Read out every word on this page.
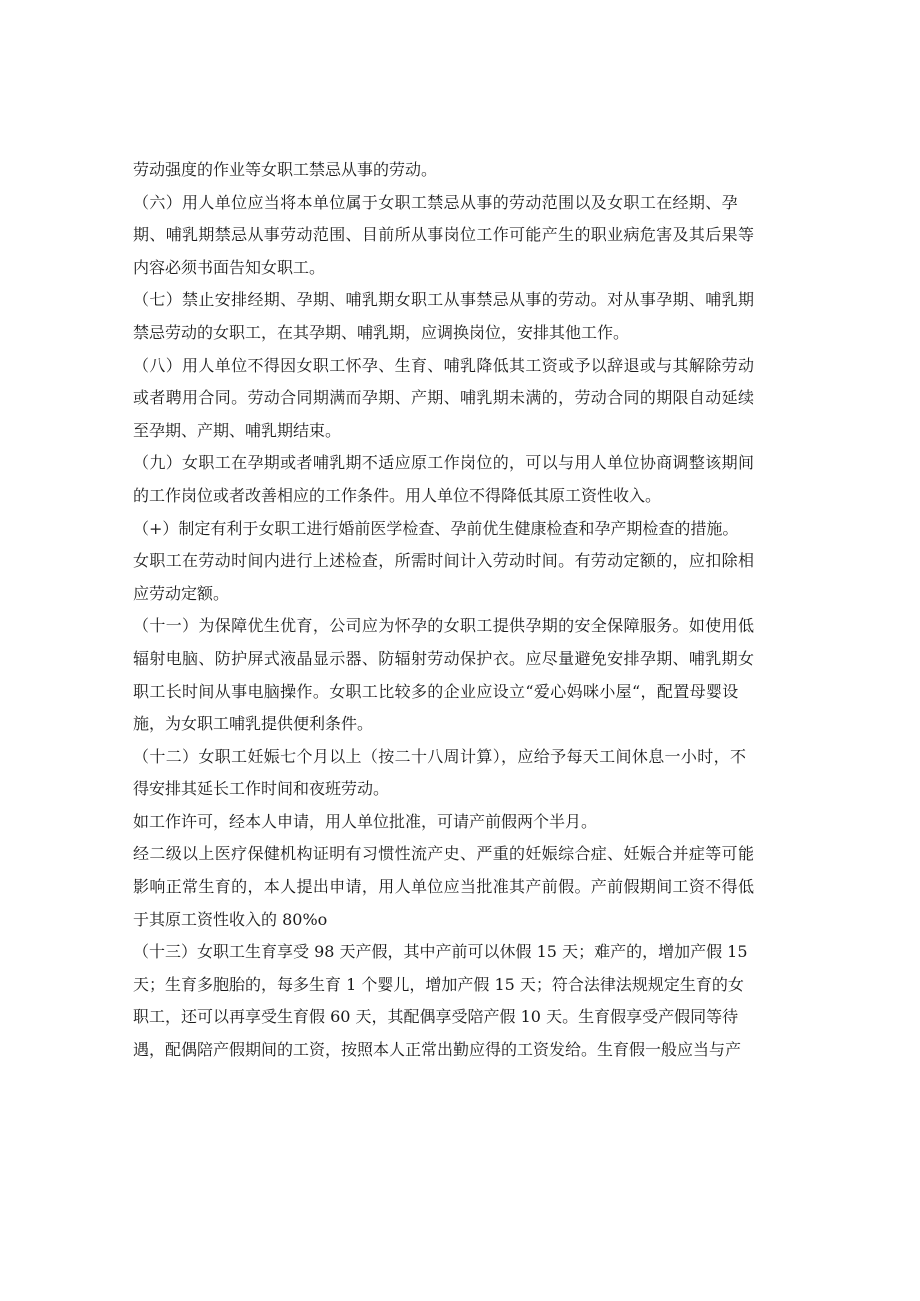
劳动强度的作业等女职工禁忌从事的劳动。
（六）用人单位应当将本单位属于女职工禁忌从事的劳动范围以及女职工在经期、孕
期、哺乳期禁忌从事劳动范围、目前所从事岗位工作可能产生的职业病危害及其后果等
内容必须书面告知女职工。
（七）禁止安排经期、孕期、哺乳期女职工从事禁忌从事的劳动。对从事孕期、哺乳期
禁忌劳动的女职工，在其孕期、哺乳期，应调换岗位，安排其他工作。
（八）用人单位不得因女职工怀孕、生育、哺乳降低其工资或予以辞退或与其解除劳动
或者聘用合同。劳动合同期满而孕期、产期、哺乳期未满的，劳动合同的期限自动延续
至孕期、产期、哺乳期结束。
（九）女职工在孕期或者哺乳期不适应原工作岗位的，可以与用人单位协商调整该期间
的工作岗位或者改善相应的工作条件。用人单位不得降低其原工资性收入。
（+）制定有利于女职工进行婚前医学检查、孕前优生健康检查和孕产期检查的措施。
女职工在劳动时间内进行上述检查，所需时间计入劳动时间。有劳动定额的，应扣除相
应劳动定额。
（十一）为保障优生优育，公司应为怀孕的女职工提供孕期的安全保障服务。如使用低
辐射电脑、防护屏式液晶显示器、防辐射劳动保护衣。应尽量避免安排孕期、哺乳期女
职工长时间从事电脑操作。女职工比较多的企业应设立“爱心妈咪小屋“，配置母婴设
施，为女职工哺乳提供便利条件。
（十二）女职工妊娠七个月以上（按二十八周计算），应给予每天工间休息一小时，不
得安排其延长工作时间和夜班劳动。
如工作许可，经本人申请，用人单位批准，可请产前假两个半月。
经二级以上医疗保健机构证明有习惯性流产史、严重的妊娠综合症、妊娠合并症等可能
影响正常生育的，本人提出申请，用人单位应当批准其产前假。产前假期间工资不得低
于其原工资性收入的 80%o
（十三）女职工生育享受 98 天产假，其中产前可以休假 15 天；难产的，增加产假 15
天；生育多胞胎的，每多生育 1 个婴儿，增加产假 15 天；符合法律法规规定生育的女
职工，还可以再享受生育假 60 天，其配偶享受陪产假 10 天。生育假享受产假同等待
遇，配偶陪产假期间的工资，按照本人正常出勤应得的工资发给。生育假一般应当与产
